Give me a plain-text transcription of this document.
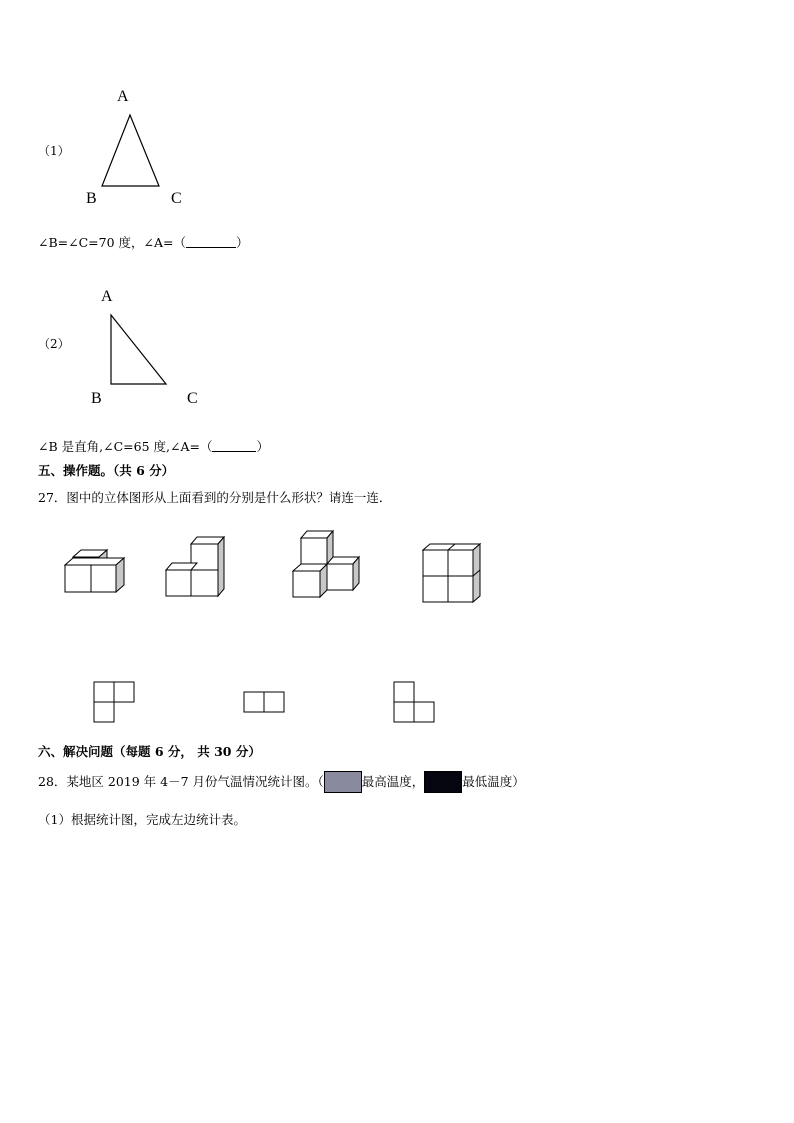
（1）
A
B	C
∠B=∠C=70 度，∠A=（	）
（2）
A
B	C
∠B 是直角,∠C=65 度,∠A=（	）
五、操作题。（共 6 分）
27．图中的立体图形从上面看到的分别是什么形状？请连一连．
六、解决问题（每题 6 分， 共 30 分）
28．某地区 2019 年 4－7 月份气温情况统计图。（	最高温度，	最低温度）
（1）根据统计图，完成左边统计表。
